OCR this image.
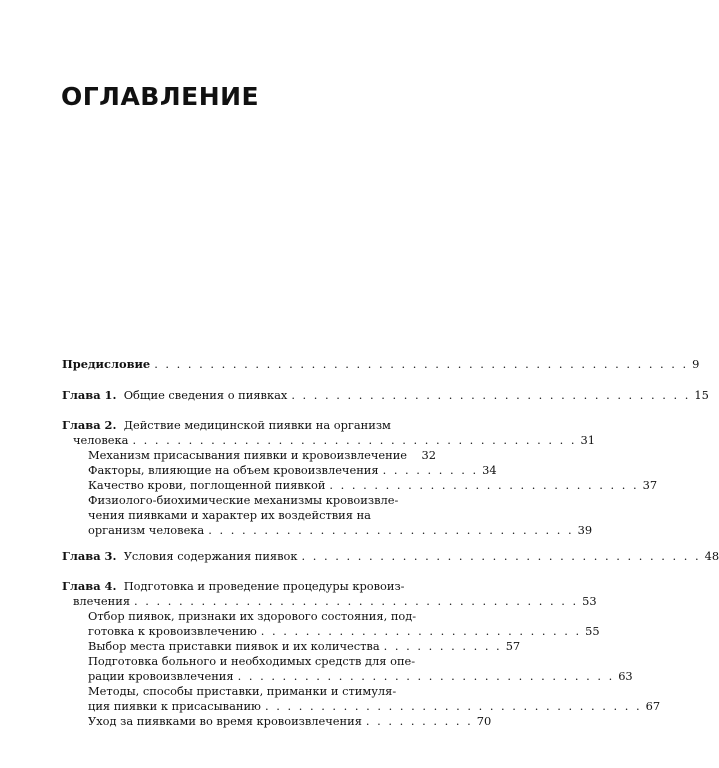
ОГЛАВЛЕНИЕ
Предисловие . . . . . . . . . . . . . . . . . . . . . . . . . . . . . . . . . . . . . . . . . . . . . . . . 9
Глава 1. Общие сведения о пиявках . . . . . . . . . . . . . . . . . . . . . . . . . . . . . . . . . . . . 15
Глава 2. Действие медицинской пиявки на организм
человека . . . . . . . . . . . . . . . . . . . . . . . . . . . . . . . . . . . . . . . . 31
Механизм присасывания пиявки и кровоизвлечение	32
Факторы, влияющие на объем кровоизвлечения . . . . . . . . . 34
Качество крови, поглощенной пиявкой . . . . . . . . . . . . . . . . . . . . . . . . . . . . 37
Физиолого-биохимические механизмы кровоизвле-
чения пиявками и характер их воздействия на
организм человека . . . . . . . . . . . . . . . . . . . . . . . . . . . . . . . . . 39
Глава 3. Условия содержания пиявок . . . . . . . . . . . . . . . . . . . . . . . . . . . . . . . . . . . . 48
Глава 4. Подготовка и проведение процедуры кровоиз-
влечения . . . . . . . . . . . . . . . . . . . . . . . . . . . . . . . . . . . . . . . . 53
Отбор пиявок, признаки их здорового состояния, под-
готовка к кровоизвлечению . . . . . . . . . . . . . . . . . . . . . . . . . . . . . 55
Выбор места приставки пиявок и их количества . . . . . . . . . . . 57
Подготовка больного и необходимых средств для опе-
рации кровоизвлечения . . . . . . . . . . . . . . . . . . . . . . . . . . . . . . . . . . 63
Методы, способы приставки, приманки и стимуля-
ция пиявки к присасыванию . . . . . . . . . . . . . . . . . . . . . . . . . . . . . . . . . . 67
Уход за пиявками во время кровоизвлечения . . . . . . . . . . 70
